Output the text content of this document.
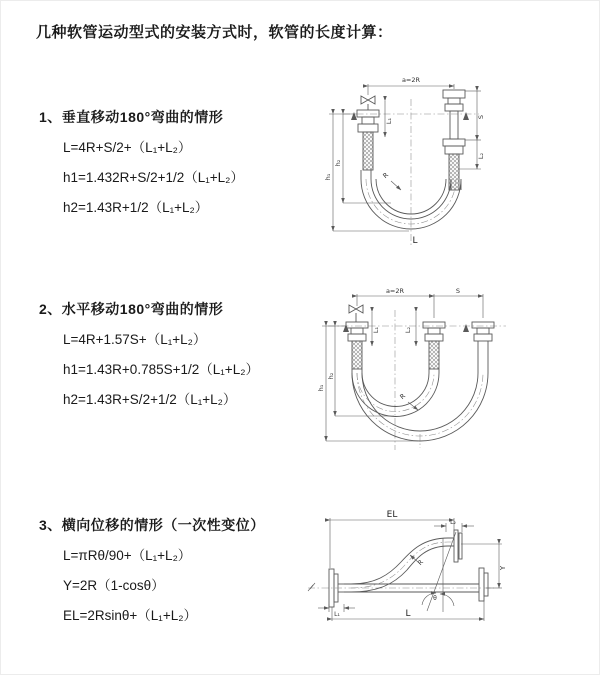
几种软管运动型式的安装方式时，软管的长度计算：
1、垂直移动180°弯曲的情形
L=4R+S/2+（L₁+L₂）
h1=1.432R+S/2+1/2（L₁+L₂）
h2=1.43R+1/2（L₁+L₂）
2、水平移动180°弯曲的情形
L=4R+1.57S+（L₁+L₂）
h1=1.43R+0.785S+1/2（L₁+L₂）
h2=1.43R+S/2+1/2（L₁+L₂）
3、横向位移的情形（一次性变位）
L=πRθ/90+（L₁+L₂）
Y=2R（1-cosθ）
EL=2Rsinθ+（L₁+L₂）
a=2R
R
L
h₁
h₂
L₁
S
L₂
a=2R	S
h₁
h₂
L₁	L₂
R
EL
L₂
R
θ
Y
L
L₁
